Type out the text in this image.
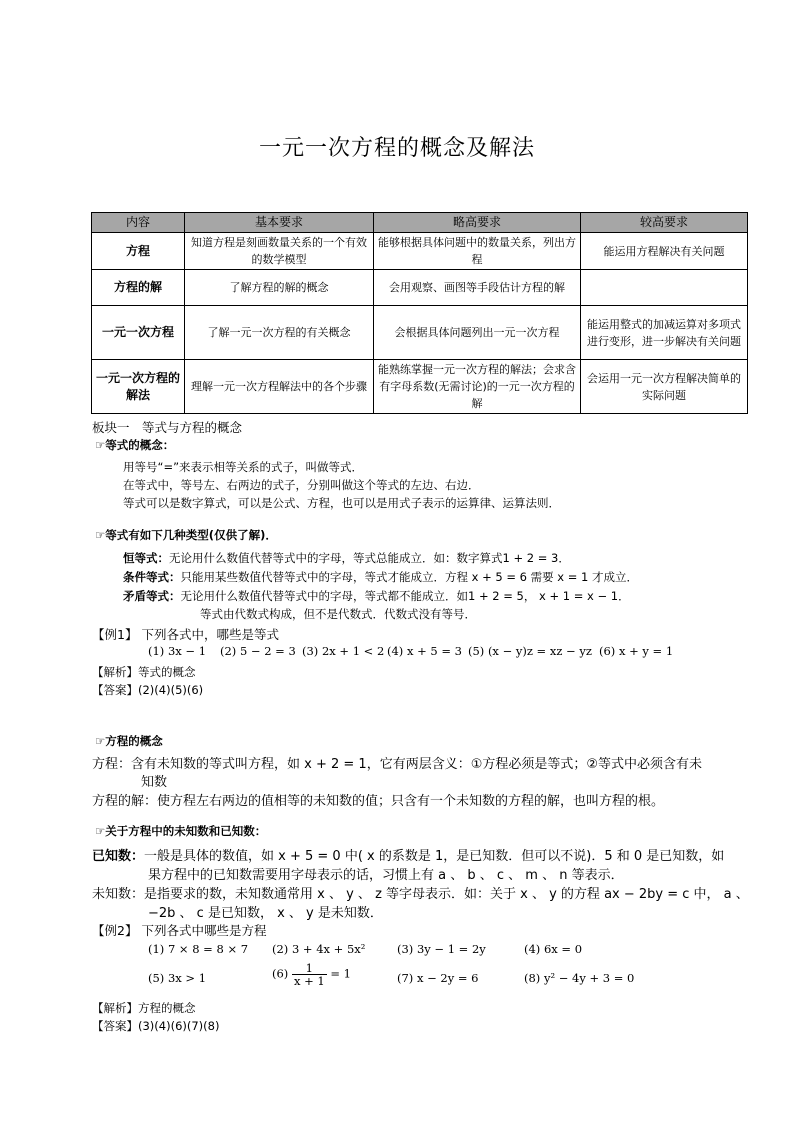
一元一次方程的概念及解法
内容	基本要求	略高要求	较高要求
方程	知道方程是刻画数量关系的一个有效的数学模型	能够根据具体问题中的数量关系，列出方程	能运用方程解决有关问题
方程的解	了解方程的解的概念	会用观察、画图等手段估计方程的解	
一元一次方程	了解一元一次方程的有关概念	会根据具体问题列出一元一次方程	能运用整式的加减运算对多项式进行变形，进一步解决有关问题
一元一次方程的解法	理解一元一次方程解法中的各个步骤	能熟练掌握一元一次方程的解法；会求含有字母系数(无需讨论)的一元一次方程的解	会运用一元一次方程解决简单的实际问题
板块一　等式与方程的概念
☞等式的概念：
用等号“=”来表示相等关系的式子，叫做等式．
在等式中，等号左、右两边的式子，分别叫做这个等式的左边、右边．
等式可以是数字算式，可以是公式、方程，也可以是用式子表示的运算律、运算法则．
☞等式有如下几种类型(仅供了解)．
恒等式：无论用什么数值代替等式中的字母，等式总能成立．如：数字算式1 + 2 = 3．
条件等式：只能用某些数值代替等式中的字母，等式才能成立．方程 x + 5 = 6 需要 x = 1 才成立．
矛盾等式：无论用什么数值代替等式中的字母，等式都不能成立．如1 + 2 = 5， x + 1 = x − 1．
等式由代数式构成，但不是代数式．代数式没有等号．
【例1】 下列各式中，哪些是等式
(1) 3x − 1 (2) 5 − 2 = 3 (3) 2x + 1 < 2 (4) x + 5 = 3 (5) (x − y)z = xz − yz (6) x + y = 1
【解析】等式的概念
【答案】(2)(4)(5)(6)
☞方程的概念
方程：含有未知数的等式叫方程，如 x + 2 = 1，它有两层含义：①方程必须是等式；②等式中必须含有未
知数
方程的解：使方程左右两边的值相等的未知数的值；只含有一个未知数的方程的解，也叫方程的根。
☞关于方程中的未知数和已知数：
已知数：一般是具体的数值，如 x + 5 = 0 中( x 的系数是 1，是已知数．但可以不说)．5 和 0 是已知数，如
果方程中的已知数需要用字母表示的话，习惯上有 a 、 b 、 c 、 m 、 n 等表示．
未知数：是指要求的数，未知数通常用 x 、 y 、 z 等字母表示．如：关于 x 、 y 的方程 ax − 2by = c 中， a 、
−2b 、 c 是已知数， x 、 y 是未知数．
【例2】 下列各式中哪些是方程
(1) 7 × 8 = 8 × 7 (2) 3 + 4x + 5x²	(3) 3y − 1 = 2y	(4) 6x = 0
(5) 3x > 1	$(6) \frac{1}{x + 1} = 1$	(7) x − 2y = 6	(8) y² − 4y + 3 = 0
【解析】方程的概念
【答案】(3)(4)(6)(7)(8)
